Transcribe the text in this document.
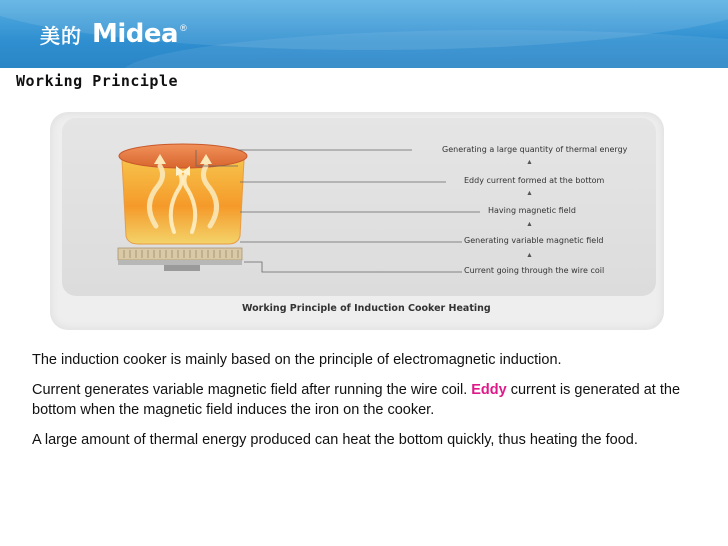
美的 Midea ®
Working Principle
Generating a large quantity of thermal energy
▲
Eddy current formed at the bottom
▲
Having magnetic field
▲
Generating variable magnetic field
▲
Current going through the wire coil
Working Principle of Induction Cooker Heating

The induction cooker is mainly based on the principle of electromagnetic induction.

Current generates variable magnetic field after running the wire coil. Eddy current is generated at the bottom when the magnetic field induces the iron on the cooker.

A large amount of thermal energy produced can heat the bottom quickly, thus heating the food.
